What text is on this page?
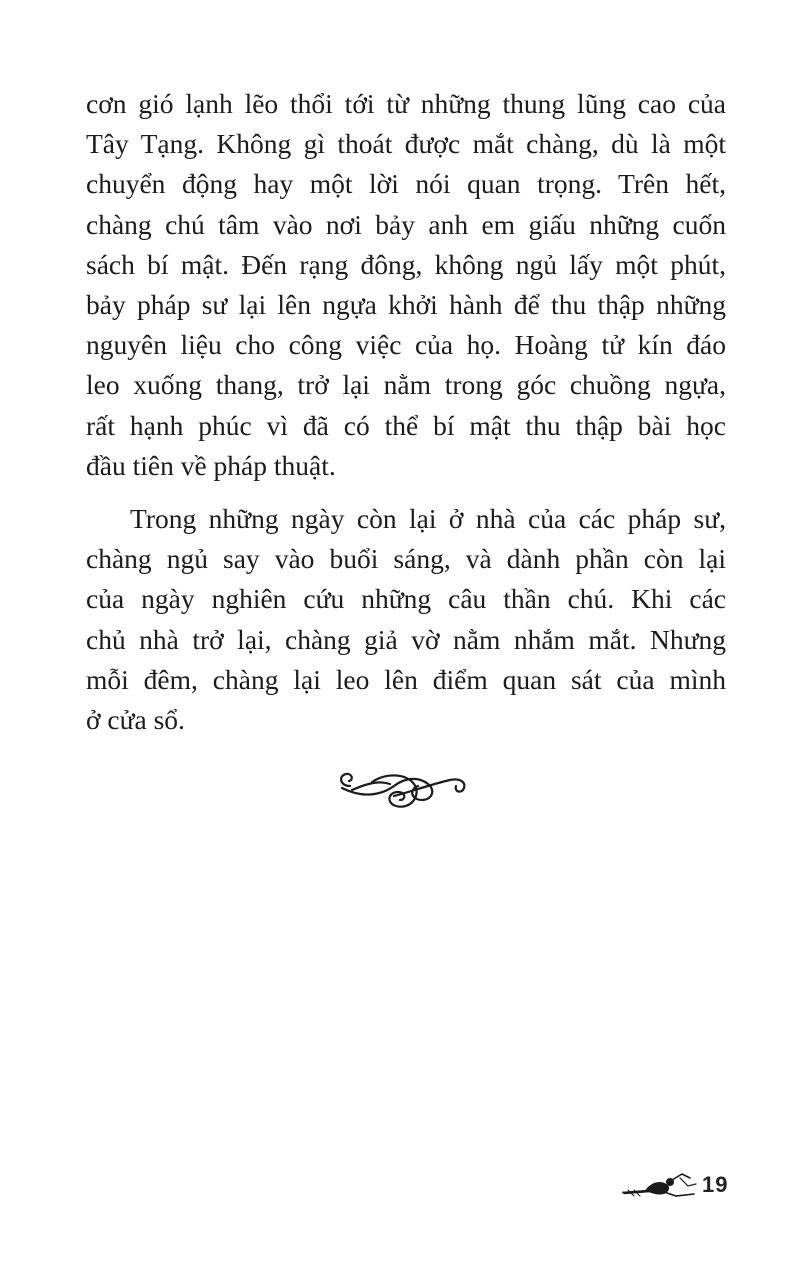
cơn gió lạnh lẽo thổi tới từ những thung lũng cao của
Tây Tạng. Không gì thoát được mắt chàng, dù là một
chuyển động hay một lời nói quan trọng. Trên hết,
chàng chú tâm vào nơi bảy anh em giấu những cuốn
sách bí mật. Đến rạng đông, không ngủ lấy một phút,
bảy pháp sư lại lên ngựa khởi hành để thu thập những
nguyên liệu cho công việc của họ. Hoàng tử kín đáo
leo xuống thang, trở lại nằm trong góc chuồng ngựa,
rất hạnh phúc vì đã có thể bí mật thu thập bài học
đầu tiên về pháp thuật.
Trong những ngày còn lại ở nhà của các pháp sư,
chàng ngủ say vào buổi sáng, và dành phần còn lại
của ngày nghiên cứu những câu thần chú. Khi các
chủ nhà trở lại, chàng giả vờ nằm nhắm mắt. Nhưng
mỗi đêm, chàng lại leo lên điểm quan sát của mình
ở cửa sổ.
19
